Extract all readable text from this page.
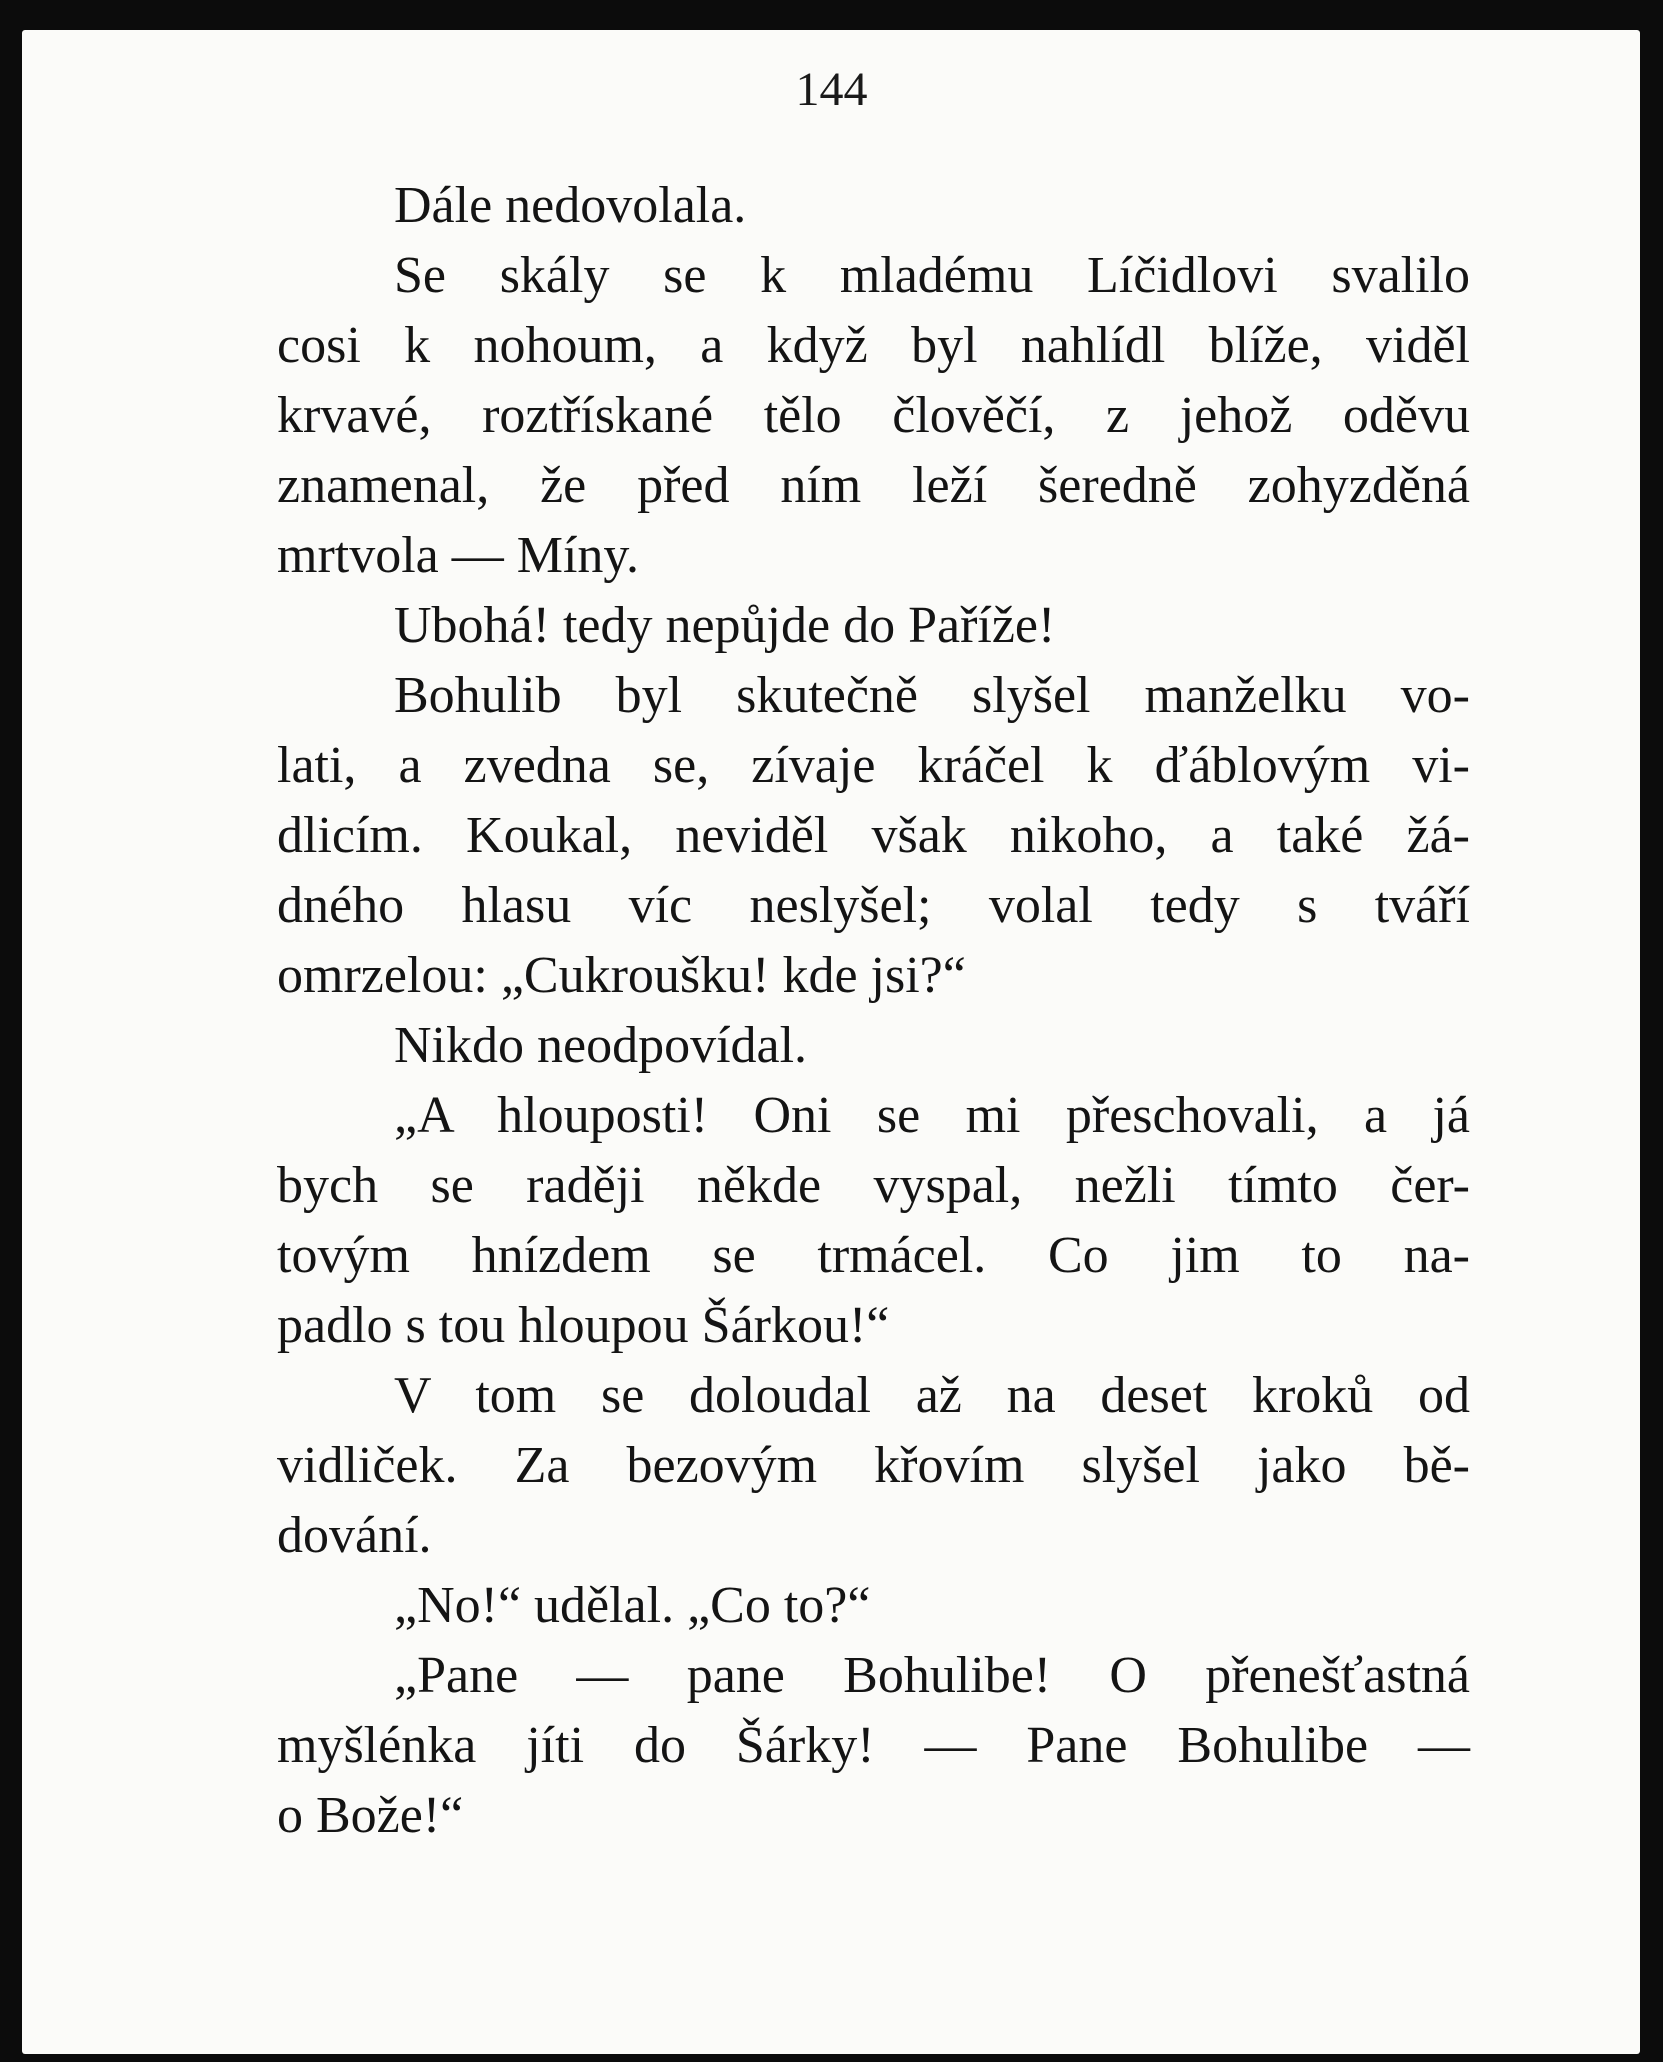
144
Dále nedovolala.
Se skály se k mladému Líčidlovi svalilo
cosi k nohoum, a když byl nahlídl blíže, viděl
krvavé, roztřískané tělo člověčí, z jehož oděvu
znamenal, že před ním leží šeredně zohyzděná
mrtvola — Míny.
Ubohá! tedy nepůjde do Paříže!
Bohulib byl skutečně slyšel manželku vo-
lati, a zvedna se, zívaje kráčel k ďáblovým vi-
dlicím. Koukal, neviděl však nikoho, a také žá-
dného hlasu víc neslyšel; volal tedy s tváří
omrzelou: „Cukroušku! kde jsi?“
Nikdo neodpovídal.
„A hlouposti! Oni se mi přeschovali, a já
bych se raději někde vyspal, nežli tímto čer-
tovým hnízdem se trmácel. Co jim to na-
padlo s tou hloupou Šárkou!“
V tom se doloudal až na deset kroků od
vidliček. Za bezovým křovím slyšel jako bě-
dování.
„No!“ udělal. „Co to?“
„Pane — pane Bohulibe! O přenešťastná
myšlénka jíti do Šárky! — Pane Bohulibe —
o Bože!“
